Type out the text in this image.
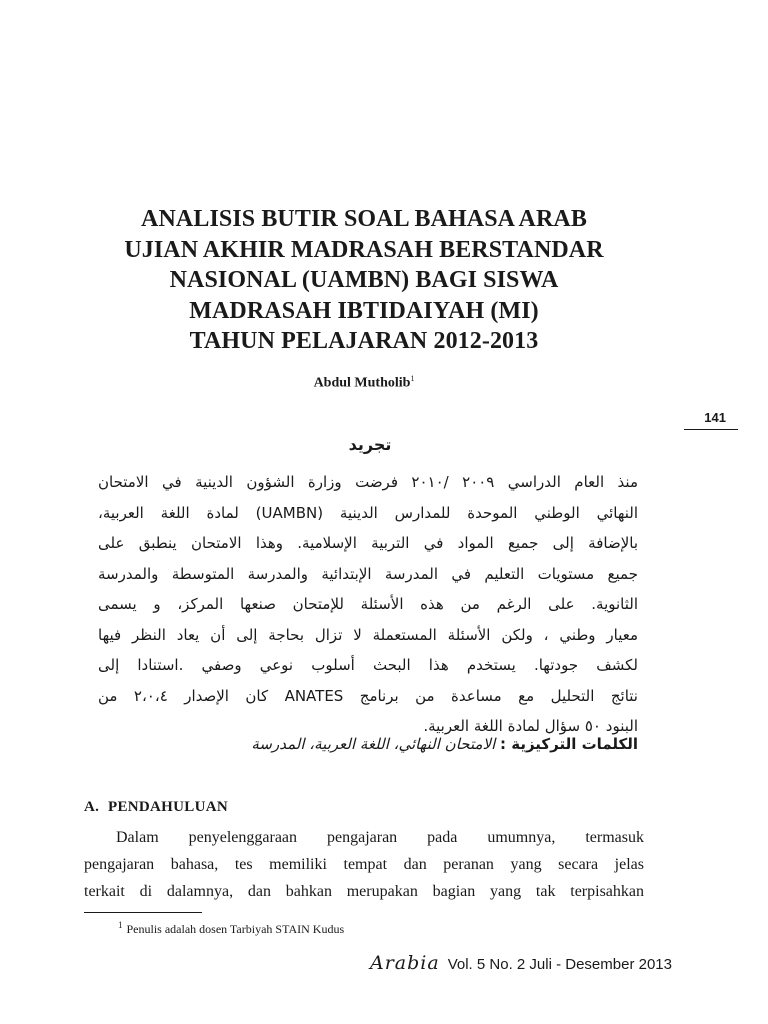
ANALISIS BUTIR SOAL BAHASA ARAB
UJIAN AKHIR MADRASAH BERSTANDAR
NASIONAL (UAMBN) BAGI SISWA
MADRASAH IBTIDAIYAH (MI)
TAHUN PELAJARAN 2012-2013
Abdul Mutholib$^1$
141
تجريد
منذ العام الدراسي ٢٠٠٩ /٢٠١٠ فرضت وزارة الشؤون الدينية في الامتحان
النهائي الوطني الموحدة للمدارس الدينية (UAMBN) لمادة اللغة العربية،
بالإضافة إلى جميع المواد في التربية الإسلامية. وهذا الامتحان ينطبق على
جميع مستويات التعليم في المدرسة الإبتدائية والمدرسة المتوسطة والمدرسة
الثانوية. على الرغم من هذه الأسئلة للإمتحان صنعها المركز، و يسمى
معيار وطني ، ولكن الأسئلة المستعملة لا تزال بحاجة إلى أن يعاد النظر فيها
لكشف جودتها. يستخدم هذا البحث أسلوب نوعي وصفي .استنادا إلى
نتائج التحليل مع مساعدة من برنامج ANATES كان الإصدار ٢،٠،٤ من
البنود ٥٠ سؤال لمادة اللغة العربية.
الكلمات التركيزية : الامتحان النهائي، اللغة العربية، المدرسة
A. PENDAHULUAN
Dalam penyelenggaraan pengajaran pada umumnya, termasuk
pengajaran bahasa, tes memiliki tempat dan peranan yang secara jelas
terkait di dalamnya, dan bahkan merupakan bagian yang tak terpisahkan
$^1$ Penulis adalah dosen Tarbiyah STAIN Kudus
Arabia Vol. 5 No. 2 Juli - Desember 2013
